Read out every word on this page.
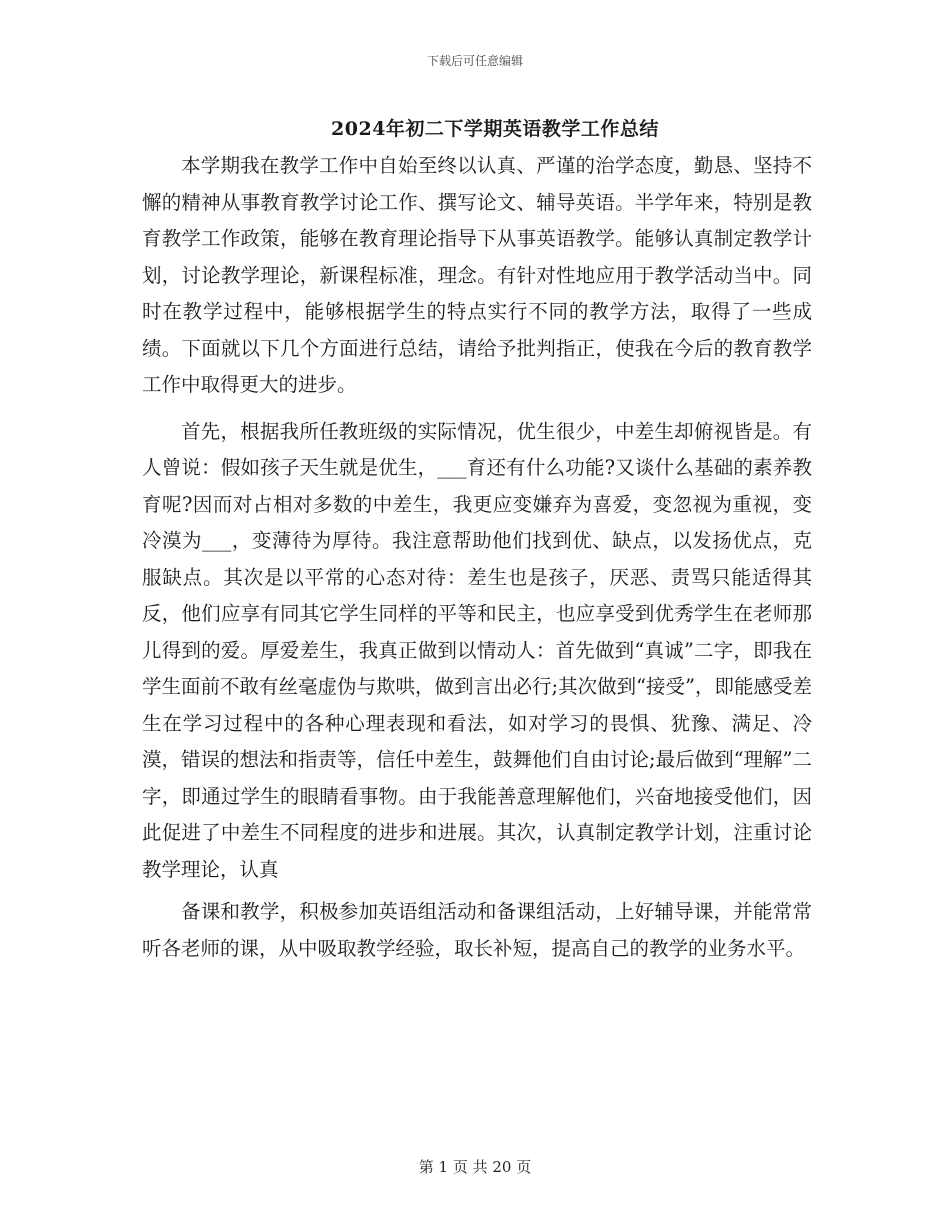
下载后可任意编辑
2024年初二下学期英语教学工作总结

本学期我在教学工作中自始至终以认真、严谨的治学态度，勤恳、坚持不懈的精神从事教育教学讨论工作、撰写论文、辅导英语。半学年来，特别是教育教学工作政策，能够在教育理论指导下从事英语教学。能够认真制定教学计划，讨论教学理论，新课程标准，理念。有针对性地应用于教学活动当中。同时在教学过程中，能够根据学生的特点实行不同的教学方法，取得了一些成绩。下面就以下几个方面进行总结，请给予批判指正，使我在今后的教育教学工作中取得更大的进步。

首先，根据我所任教班级的实际情况，优生很少，中差生却俯视皆是。有人曾说：假如孩子天生就是优生，___育还有什么功能?又谈什么基础的素养教育呢?因而对占相对多数的中差生，我更应变嫌弃为喜爱，变忽视为重视，变冷漠为___，变薄待为厚待。我注意帮助他们找到优、缺点，以发扬优点，克服缺点。其次是以平常的心态对待：差生也是孩子，厌恶、责骂只能适得其反，他们应享有同其它学生同样的平等和民主，也应享受到优秀学生在老师那儿得到的爱。厚爱差生，我真正做到以情动人：首先做到“真诚”二字，即我在学生面前不敢有丝毫虚伪与欺哄，做到言出必行;其次做到“接受”，即能感受差生在学习过程中的各种心理表现和看法，如对学习的畏惧、犹豫、满足、冷漠，错误的想法和指责等，信任中差生，鼓舞他们自由讨论;最后做到“理解”二字，即通过学生的眼睛看事物。由于我能善意理解他们，兴奋地接受他们，因此促进了中差生不同程度的进步和进展。其次，认真制定教学计划，注重讨论教学理论，认真

备课和教学，积极参加英语组活动和备课组活动，上好辅导课，并能常常听各老师的课，从中吸取教学经验，取长补短，提高自己的教学的业务水平。

第 1 页 共 20 页
